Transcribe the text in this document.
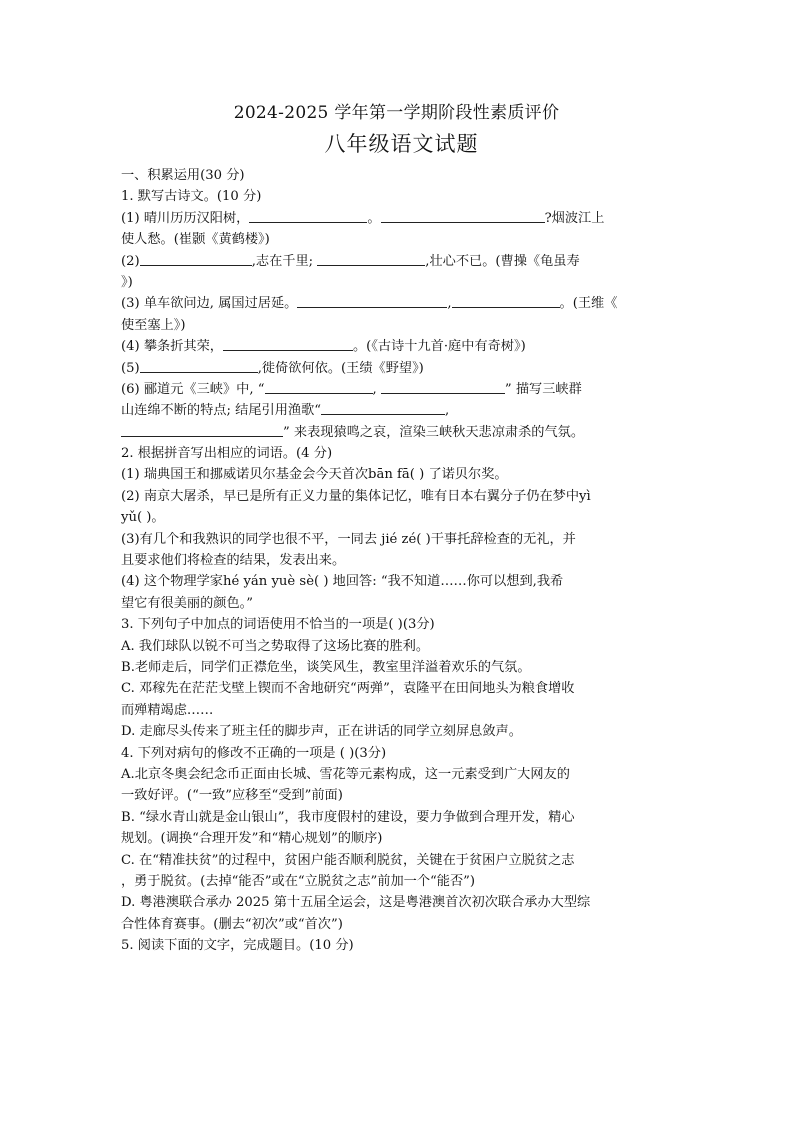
2024-2025 学年第一学期阶段性素质评价
八年级语文试题
一、积累运用(30 分)
1. 默写古诗文。(10 分)
(1) 晴川历历汉阳树，	。	?烟波江上
使人愁。(崔颢《黄鹤楼》)
(2)	,志在千里;	,壮心不已。(曹操《龟虽寿
》)
(3) 单车欲问边, 属国过居延。	,	。(王维《
使至塞上》)
(4) 攀条折其荣，	。(《古诗十九首·庭中有奇树》)
(5)	,徙倚欲何依。(王绩《野望》)
(6) 郦道元《三峡》中, “	,	” 描写三峡群
山连绵不断的特点; 结尾引用渔歌“	,
” 来表现猿鸣之哀，渲染三峡秋天悲凉肃杀的气氛。
2. 根据拼音写出相应的词语。(4 分)
(1) 瑞典国王和挪威诺贝尔基金会今天首次bān fā( ) 了诺贝尔奖。
(2) 南京大屠杀，早已是所有正义力量的集体记忆，唯有日本右翼分子仍在梦中yì
yǔ( )。
(3)有几个和我熟识的同学也很不平，一同去 jié zé( )干事托辞检查的无礼，并
且要求他们将检查的结果，发表出来。
(4) 这个物理学家hé yán yuè sè( ) 地回答: “我不知道……你可以想到,我希
望它有很美丽的颜色。”
3. 下列句子中加点的词语使用不恰当的一项是( )(3分)
A. 我们球队以锐不可当之势取得了这场比赛的胜利。
B.老师走后，同学们正襟危坐，谈笑风生，教室里洋溢着欢乐的气氛。
C. 邓稼先在茫茫戈壁上锲而不舍地研究“两弹”，袁隆平在田间地头为粮食增收
而殚精竭虑……
D. 走廊尽头传来了班主任的脚步声，正在讲话的同学立刻屏息敛声。
4. 下列对病句的修改不正确的一项是 ( )(3分)
A.北京冬奥会纪念币正面由长城、雪花等元素构成，这一元素受到广大网友的
一致好评。(“一致”应移至“受到”前面)
B. “绿水青山就是金山银山”，我市度假村的建设，要力争做到合理开发，精心
规划。(调换“合理开发”和“精心规划”的顺序)
C. 在“精准扶贫”的过程中，贫困户能否顺利脱贫，关键在于贫困户立脱贫之志
，勇于脱贫。(去掉“能否”或在“立脱贫之志”前加一个“能否”)
D. 粤港澳联合承办 2025 第十五届全运会，这是粤港澳首次初次联合承办大型综
合性体育赛事。(删去“初次”或“首次”)
5. 阅读下面的文字，完成题目。(10 分)
